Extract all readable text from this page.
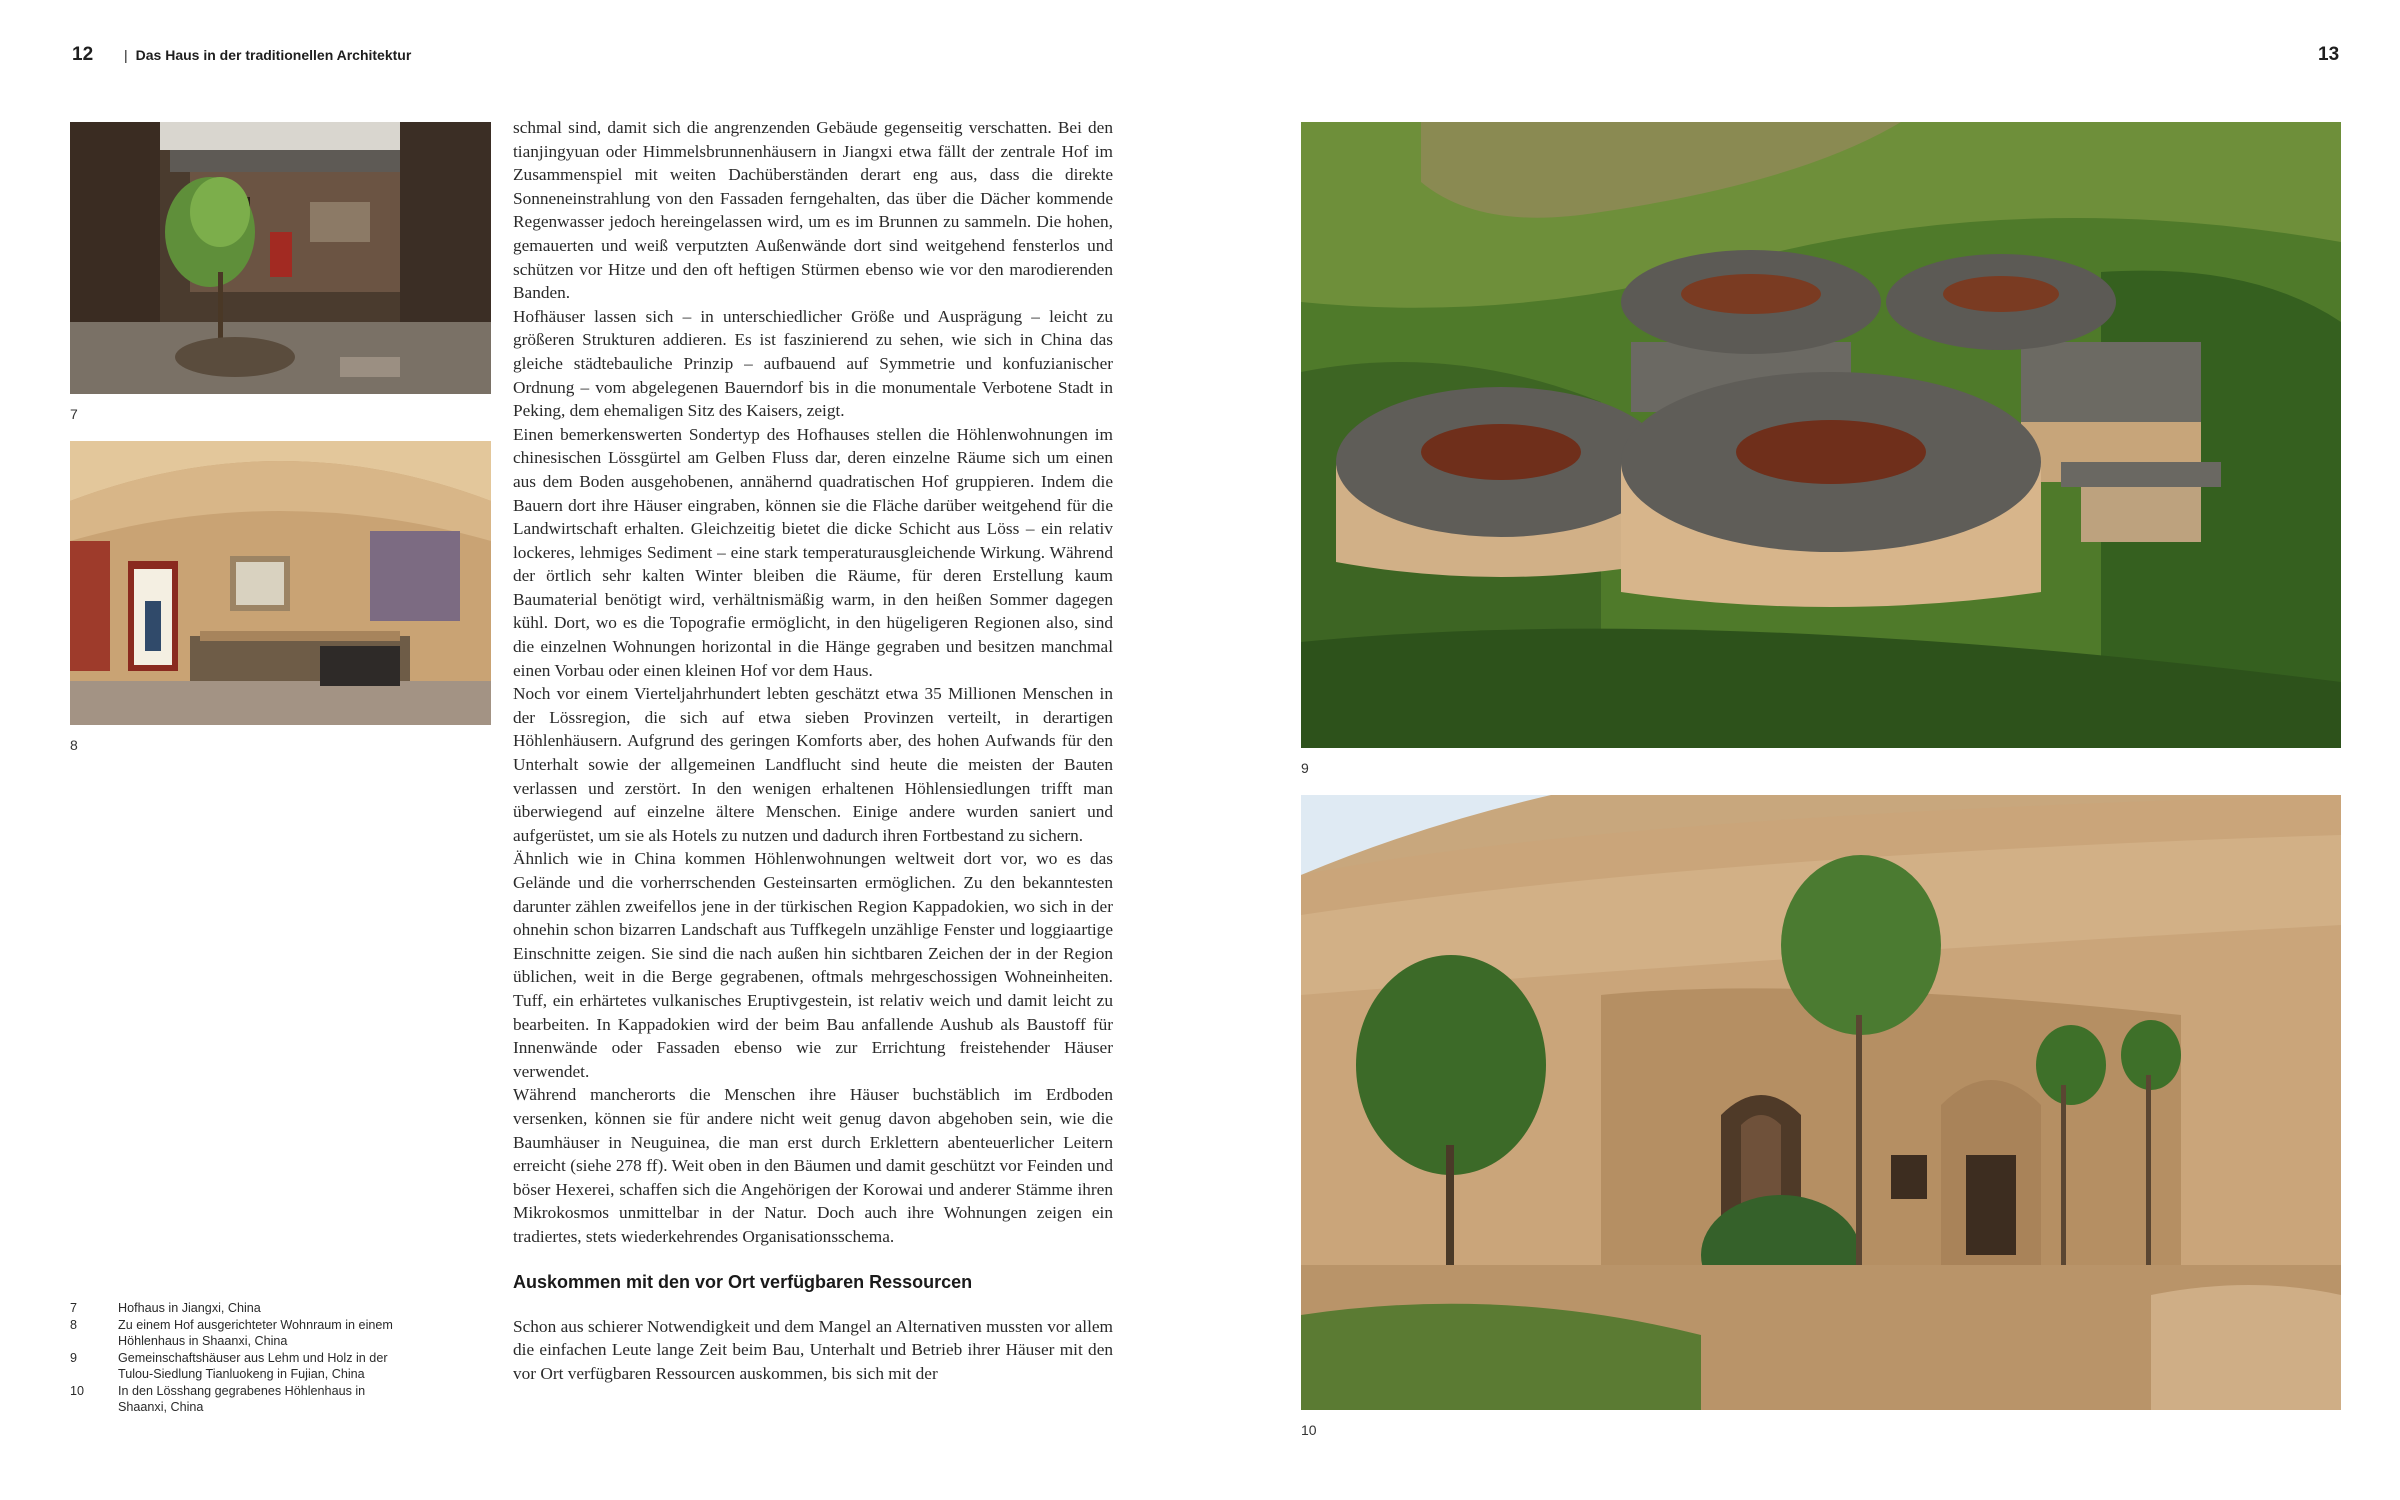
12 | Das Haus in der traditionellen Architektur	13
7
8
9
10

schmal sind, damit sich die angrenzenden Gebäude gegenseitig verschatten. Bei den tianjingyuan oder Himmelsbrunnenhäusern in Jiangxi etwa fällt der zentrale Hof im Zusammenspiel mit weiten Dachüberständen derart eng aus, dass die direkte Sonneneinstrahlung von den Fassaden ferngehalten, das über die Dächer kommende Regenwasser jedoch hereingelassen wird, um es im Brunnen zu sammeln. Die hohen, gemauerten und weiß verputzten Außenwände dort sind weitgehend fensterlos und schützen vor Hitze und den oft heftigen Stürmen ebenso wie vor den marodierenden Banden.

Hofhäuser lassen sich – in unterschiedlicher Größe und Ausprägung – leicht zu größeren Strukturen addieren. Es ist faszinierend zu sehen, wie sich in China das gleiche städtebauliche Prinzip – aufbauend auf Symmetrie und konfuzianischer Ordnung – vom abgelegenen Bauerndorf bis in die monumentale Verbotene Stadt in Peking, dem ehemaligen Sitz des Kaisers, zeigt.

Einen bemerkenswerten Sondertyp des Hofhauses stellen die Höhlenwohnungen im chinesischen Lössgürtel am Gelben Fluss dar, deren einzelne Räume sich um einen aus dem Boden ausgehobenen, annähernd quadratischen Hof gruppieren. Indem die Bauern dort ihre Häuser eingraben, können sie die Fläche darüber weitgehend für die Landwirtschaft erhalten. Gleichzeitig bietet die dicke Schicht aus Löss – ein relativ lockeres, lehmiges Sediment – eine stark temperaturausgleichende Wirkung. Während der örtlich sehr kalten Winter bleiben die Räume, für deren Erstellung kaum Baumaterial benötigt wird, verhältnismäßig warm, in den heißen Sommer dagegen kühl. Dort, wo es die Topografie ermöglicht, in den hügeligeren Regionen also, sind die einzelnen Wohnungen horizontal in die Hänge gegraben und besitzen manchmal einen Vorbau oder einen kleinen Hof vor dem Haus.

Noch vor einem Vierteljahrhundert lebten geschätzt etwa 35 Millionen Menschen in der Lössregion, die sich auf etwa sieben Provinzen verteilt, in derartigen Höhlenhäusern. Aufgrund des geringen Komforts aber, des hohen Aufwands für den Unterhalt sowie der allgemeinen Landflucht sind heute die meisten der Bauten verlassen und zerstört. In den wenigen erhaltenen Höhlensiedlungen trifft man überwiegend auf einzelne ältere Menschen. Einige andere wurden saniert und aufgerüstet, um sie als Hotels zu nutzen und dadurch ihren Fortbestand zu sichern.

Ähnlich wie in China kommen Höhlenwohnungen weltweit dort vor, wo es das Gelände und die vorherrschenden Gesteinsarten ermöglichen. Zu den bekanntesten darunter zählen zweifellos jene in der türkischen Region Kappadokien, wo sich in der ohnehin schon bizarren Landschaft aus Tuffkegeln unzählige Fenster und loggiaartige Einschnitte zeigen. Sie sind die nach außen hin sichtbaren Zeichen der in der Region üblichen, weit in die Berge gegrabenen, oftmals mehrgeschossigen Wohneinheiten. Tuff, ein erhärtetes vulkanisches Eruptivgestein, ist relativ weich und damit leicht zu bearbeiten. In Kappadokien wird der beim Bau anfallende Aushub als Baustoff für Innenwände oder Fassaden ebenso wie zur Errichtung freistehender Häuser verwendet.

Während mancherorts die Menschen ihre Häuser buchstäblich im Erdboden versenken, können sie für andere nicht weit genug davon abgehoben sein, wie die Baumhäuser in Neuguinea, die man erst durch Erklettern abenteuerlicher Leitern erreicht (siehe 278 ff). Weit oben in den Bäumen und damit geschützt vor Feinden und böser Hexerei, schaffen sich die Angehörigen der Korowai und anderer Stämme ihren Mikrokosmos unmittelbar in der Natur. Doch auch ihre Wohnungen zeigen ein tradiertes, stets wiederkehrendes Organisationsschema.

Auskommen mit den vor Ort verfügbaren Ressourcen

Schon aus schierer Notwendigkeit und dem Mangel an Alternativen mussten vor allem die einfachen Leute lange Zeit beim Bau, Unterhalt und Betrieb ihrer Häuser mit den vor Ort verfügbaren Ressourcen auskommen, bis sich mit der

7	Hofhaus in Jiangxi, China
8	Zu einem Hof ausgerichteter Wohnraum in einem Höhlenhaus in Shaanxi, China
9	Gemeinschaftshäuser aus Lehm und Holz in der Tulou-Siedlung Tianluokeng in Fujian, China
10	In den Lösshang gegrabenes Höhlenhaus in Shaanxi, China
